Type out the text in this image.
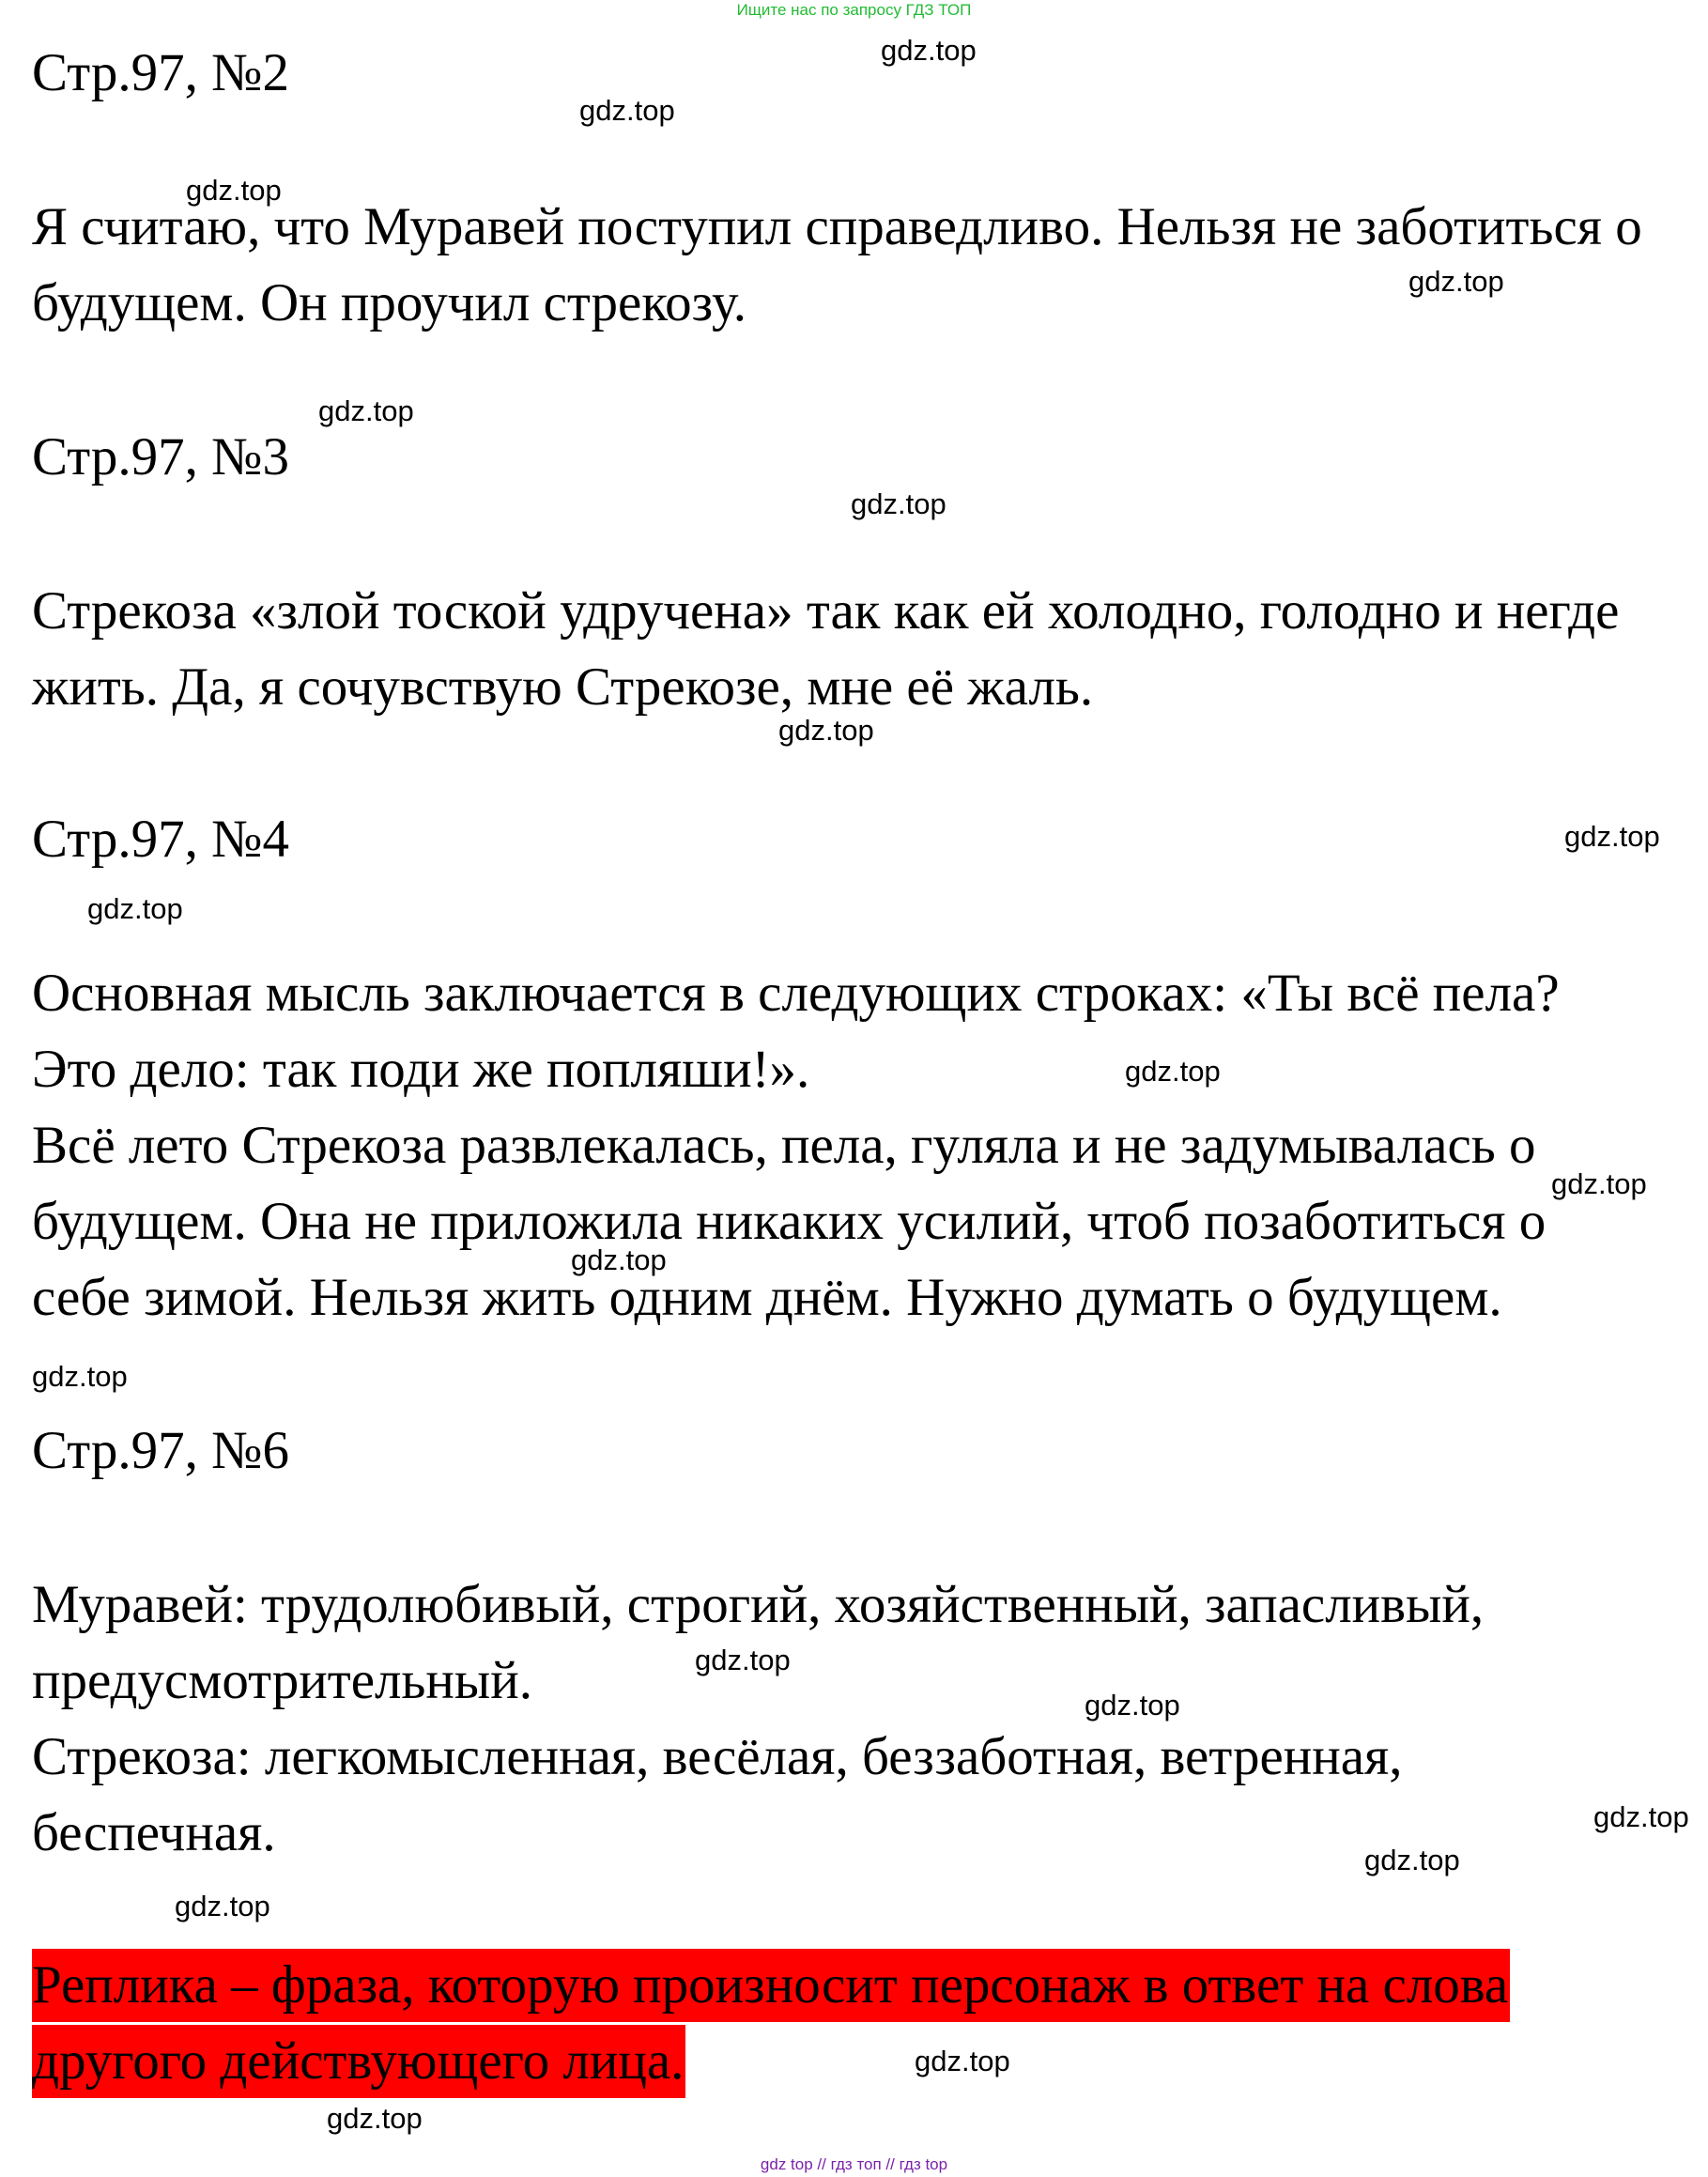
Ищите нас по запросу ГДЗ ТОП
Стр.97, №2
Я считаю, что Муравей поступил справедливо. Нельзя не заботиться о
будущем. Он проучил стрекозу.
Стр.97, №3
Стрекоза «злой тоской удручена» так как ей холодно, голодно и негде
жить. Да, я сочувствую Стрекозе, мне её жаль.
Стр.97, №4
Основная мысль заключается в следующих строках: «Ты всё пела?
Это дело: так поди же попляши!».
Всё лето Стрекоза развлекалась, пела, гуляла и не задумывалась о
будущем. Она не приложила никаких усилий, чтоб позаботиться о
себе зимой. Нельзя жить одним днём. Нужно думать о будущем.
Стр.97, №6
Муравей: трудолюбивый, строгий, хозяйственный, запасливый,
предусмотрительный.
Стрекоза: легкомысленная, весёлая, беззаботная, ветренная,
беспечная.
Реплика – фраза, которую произносит персонаж в ответ на слова
другого действующего лица.
gdz.top
gdz.top
gdz.top
gdz.top
gdz.top
gdz.top
gdz.top
gdz.top
gdz.top
gdz.top
gdz.top
gdz.top
gdz.top
gdz.top
gdz.top
gdz.top
gdz.top
gdz.top
gdz.top
gdz.top
gdz top // гдз топ // гдз top
